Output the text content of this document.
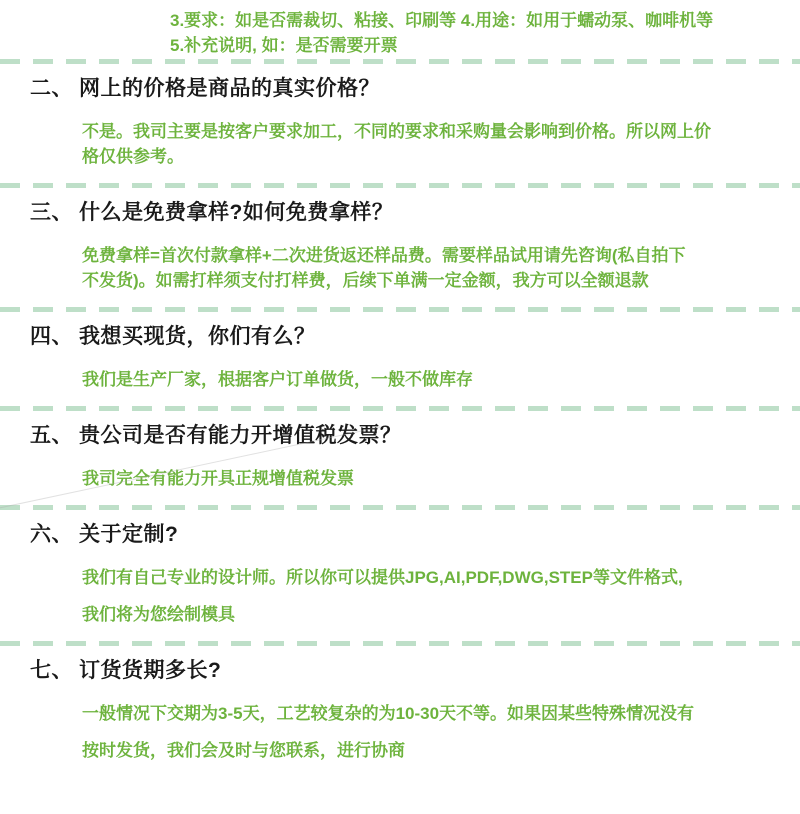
3.要求：如是否需裁切、粘接、印刷等 4.用途：如用于蠕动泵、咖啡机等
5.补充说明, 如：是否需要开票
二、 网上的价格是商品的真实价格？

不是。我司主要是按客户要求加工，不同的要求和采购量会影响到价格。所以网上价
格仅供参考。

三、 什么是免费拿样?如何免费拿样？

免费拿样=首次付款拿样+二次进货返还样品费。需要样品试用请先咨询(私自拍下
不发货)。如需打样须支付打样费，后续下单满一定金额，我方可以全额退款

四、 我想买现货，你们有么？

我们是生产厂家，根据客户订单做货，一般不做库存

五、 贵公司是否有能力开增值税发票？

我司完全有能力开具正规增值税发票

六、 关于定制?

我们有自己专业的设计师。所以你可以提供JPG,AI,PDF,DWG,STEP等文件格式,
我们将为您绘制模具

七、 订货货期多长?

一般情况下交期为3-5天，工艺较复杂的为10-30天不等。如果因某些特殊情况没有
按时发货，我们会及时与您联系，进行协商
